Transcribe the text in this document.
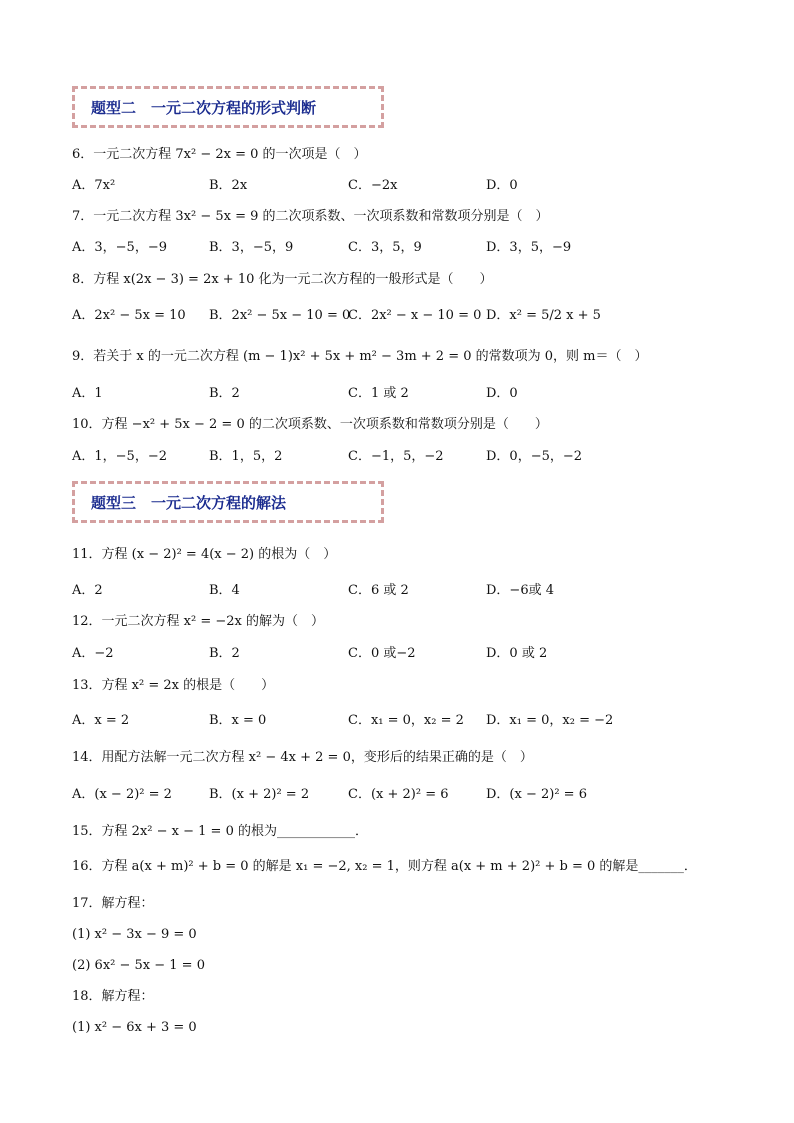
题型二　一元二次方程的形式判断
6．一元二次方程 7x² − 2x = 0 的一次项是（　）
A．7x²	B．2x	C．−2x	D．0
7．一元二次方程 3x² − 5x = 9 的二次项系数、一次项系数和常数项分别是（　）
A．3，−5，−9	B．3，−5，9	C．3，5，9	D．3，5，−9
8．方程 x(2x − 3) = 2x + 10 化为一元二次方程的一般形式是（　　）
A．2x² − 5x = 10 B．2x² − 5x − 10 = 0
C．2x² − x − 10 = 0 D．x² = 5/2 x + 5
9．若关于 x 的一元二次方程 (m − 1)x² + 5x + m² − 3m + 2 = 0 的常数项为 0，则 m＝（　）
A．1	B．2	C．1 或 2	D．0
10．方程 −x² + 5x − 2 = 0 的二次项系数、一次项系数和常数项分别是（　　）
A．1，−5，−2	B．1，5，2	C．−1，5，−2	D．0，−5，−2
题型三　一元二次方程的解法
11．方程 (x − 2)² = 4(x − 2) 的根为（　）
A．2	B．4	C．6 或 2	D．−6或 4
12．一元二次方程 x² = −2x 的解为（　）
A．−2	B．2	C．0 或−2	D．0 或 2
13．方程 x² = 2x 的根是（　　）
A．x = 2	B．x = 0	C．x₁ = 0，x₂ = 2 D．x₁ = 0，x₂ = −2
14．用配方法解一元二次方程 x² − 4x + 2 = 0，变形后的结果正确的是（　）
A．(x − 2)² = 2	B．(x + 2)² = 2	C．(x + 2)² = 6	D．(x − 2)² = 6
15．方程 2x² − x − 1 = 0 的根为____________．
16．方程 a(x + m)² + b = 0 的解是 x₁ = −2, x₂ = 1，则方程 a(x + m + 2)² + b = 0 的解是_______．
17．解方程：
(1) x² − 3x − 9 = 0
(2) 6x² − 5x − 1 = 0
18．解方程：
(1) x² − 6x + 3 = 0
